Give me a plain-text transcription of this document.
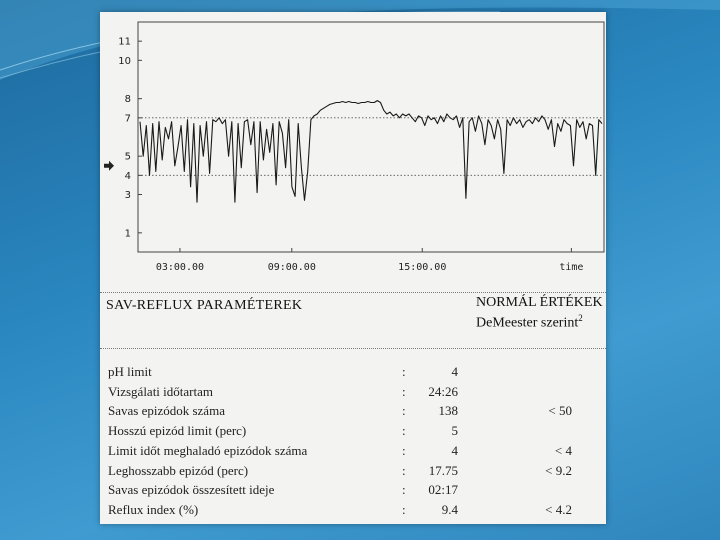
1
3
4
5
7
8
10
11
03:00.00	09:00.00	15:00.00	time
SAV-REFLUX PARAMÉTEREK	NORMÁL ÉRTÉKEK
DeMeester szerint$^2$
pH limit	:	4
Vizsgálati időtartam	: 24:26
Savas epizódok száma	:	138	< 50
Hosszú epizód limit (perc)	:	5
Limit időt meghaladó epizódok száma	:	4	< 4
Leghosszabb epizód (perc)	: 17.75	< 9.2
Savas epizódok összesített ideje	: 02:17
Reflux index (%)	:	9.4	< 4.2
